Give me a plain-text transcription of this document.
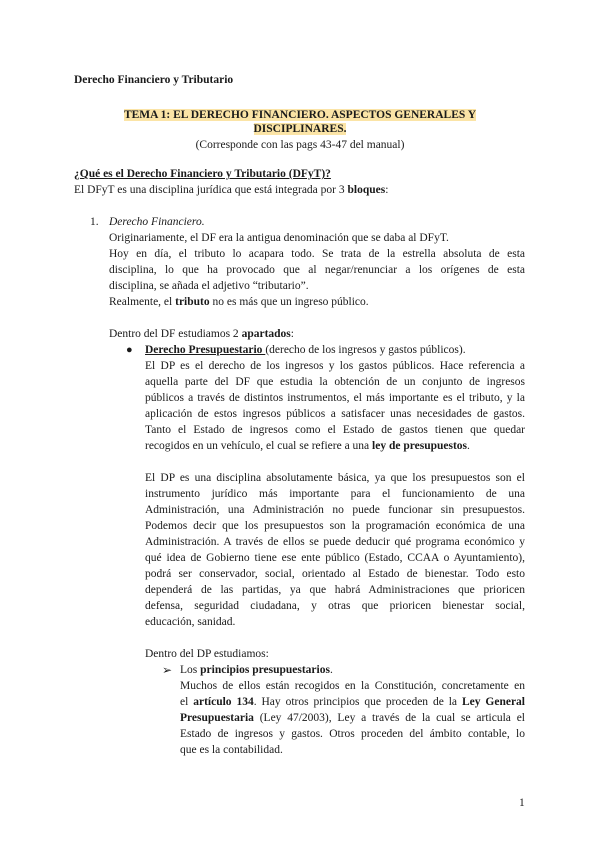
Derecho Financiero y Tributario
TEMA 1: EL DERECHO FINANCIERO. ASPECTOS GENERALES Y
DISCIPLINARES.
(Corresponde con las pags 43-47 del manual)
¿Qué es el Derecho Financiero y Tributario (DFyT)?
El DFyT es una disciplina jurídica que está integrada por 3 bloques:
1. Derecho Financiero.
Originariamente, el DF era la antigua denominación que se daba al DFyT.
Hoy en día, el tributo lo acapara todo. Se trata de la estrella absoluta de esta
disciplina, lo que ha provocado que al negar/renunciar a los orígenes de esta
disciplina, se añada el adjetivo “tributario”.
Realmente, el tributo no es más que un ingreso público.
Dentro del DF estudiamos 2 apartados:
● Derecho Presupuestario (derecho de los ingresos y gastos públicos).
El DP es el derecho de los ingresos y los gastos públicos. Hace referencia a
aquella parte del DF que estudia la obtención de un conjunto de ingresos
públicos a través de distintos instrumentos, el más importante es el tributo, y la
aplicación de estos ingresos públicos a satisfacer unas necesidades de gastos.
Tanto el Estado de ingresos como el Estado de gastos tienen que quedar
recogidos en un vehículo, el cual se refiere a una ley de presupuestos.
El DP es una disciplina absolutamente básica, ya que los presupuestos son el
instrumento jurídico más importante para el funcionamiento de una
Administración, una Administración no puede funcionar sin presupuestos.
Podemos decir que los presupuestos son la programación económica de una
Administración. A través de ellos se puede deducir qué programa económico y
qué idea de Gobierno tiene ese ente público (Estado, CCAA o Ayuntamiento),
podrá ser conservador, social, orientado al Estado de bienestar. Todo esto
dependerá de las partidas, ya que habrá Administraciones que prioricen
defensa, seguridad ciudadana, y otras que prioricen bienestar social,
educación, sanidad.
Dentro del DP estudiamos:
➢ Los principios presupuestarios.
Muchos de ellos están recogidos en la Constitución, concretamente en
el artículo 134. Hay otros principios que proceden de la Ley General
Presupuestaria (Ley 47/2003), Ley a través de la cual se articula el
Estado de ingresos y gastos. Otros proceden del ámbito contable, lo
que es la contabilidad.
1
